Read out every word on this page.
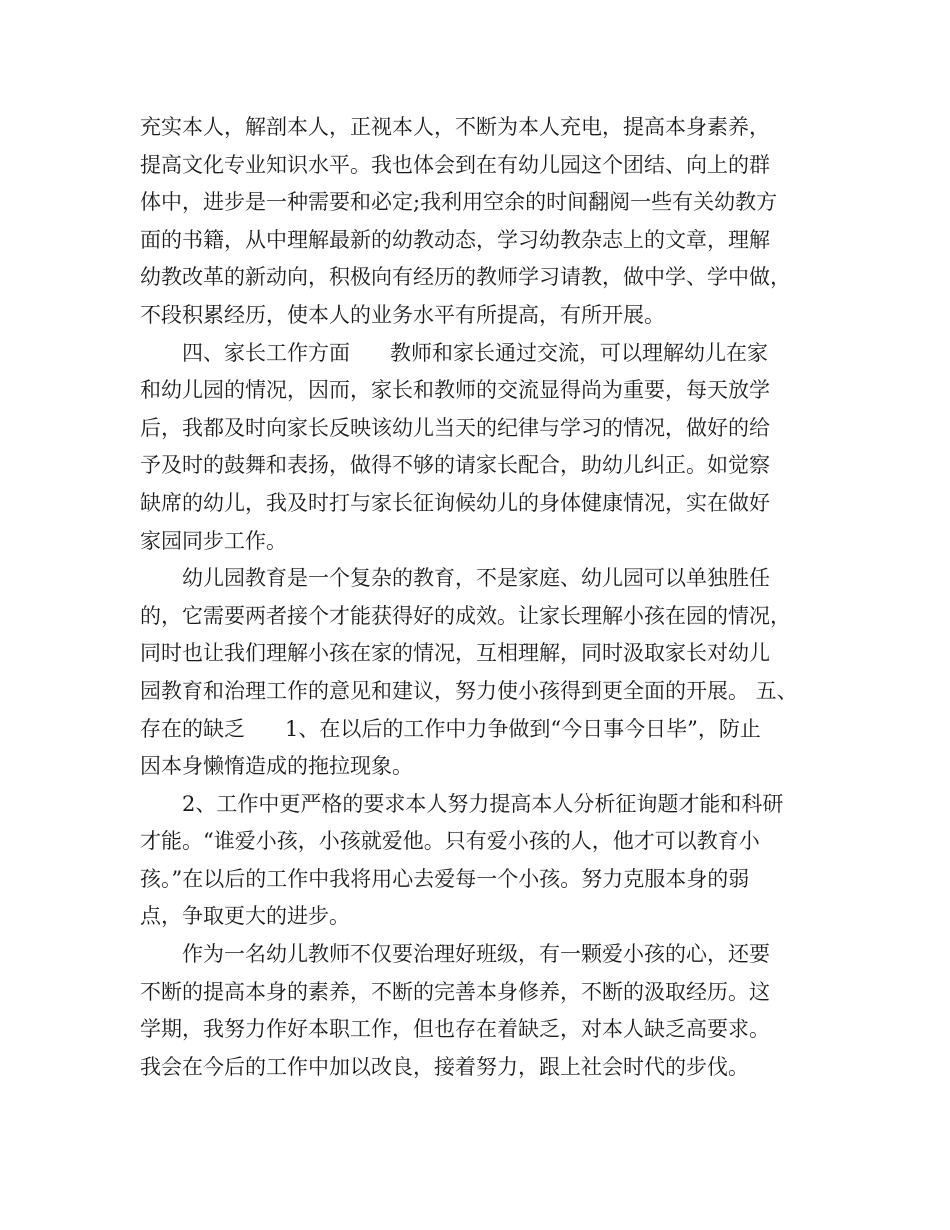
充实本人，解剖本人，正视本人，不断为本人充电，提高本身素养，
提高文化专业知识水平。我也体会到在有幼儿园这个团结、向上的群
体中，进步是一种需要和必定;我利用空余的时间翻阅一些有关幼教方
面的书籍，从中理解最新的幼教动态，学习幼教杂志上的文章，理解
幼教改革的新动向，积极向有经历的教师学习请教，做中学、学中做，
不段积累经历，使本人的业务水平有所提高，有所开展。
四、家长工作方面      教师和家长通过交流，可以理解幼儿在家
和幼儿园的情况，因而，家长和教师的交流显得尚为重要，每天放学
后，我都及时向家长反映该幼儿当天的纪律与学习的情况，做好的给
予及时的鼓舞和表扬，做得不够的请家长配合，助幼儿纠正。如觉察
缺席的幼儿，我及时打与家长征询候幼儿的身体健康情况，实在做好
家园同步工作。
幼儿园教育是一个复杂的教育，不是家庭、幼儿园可以单独胜任
的，它需要两者接个才能获得好的成效。让家长理解小孩在园的情况，
同时也让我们理解小孩在家的情况，互相理解，同时汲取家长对幼儿
园教育和治理工作的意见和建议，努力使小孩得到更全面的开展。 五、
存在的缺乏      1、在以后的工作中力争做到“今日事今日毕”，防止
因本身懒惰造成的拖拉现象。
2、工作中更严格的要求本人努力提高本人分析征询题才能和科研
才能。“谁爱小孩，小孩就爱他。只有爱小孩的人，他才可以教育小
孩。”在以后的工作中我将用心去爱每一个小孩。努力克服本身的弱
点，争取更大的进步。
作为一名幼儿教师不仅要治理好班级，有一颗爱小孩的心，还要
不断的提高本身的素养，不断的完善本身修养，不断的汲取经历。这
学期，我努力作好本职工作，但也存在着缺乏，对本人缺乏高要求。
我会在今后的工作中加以改良，接着努力，跟上社会时代的步伐。
